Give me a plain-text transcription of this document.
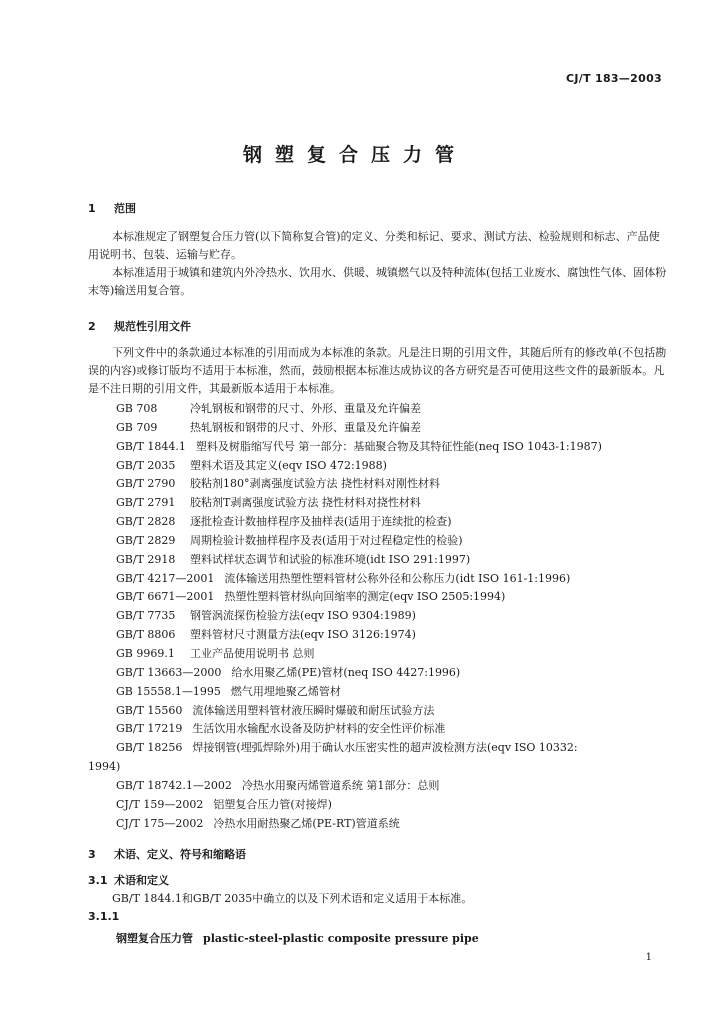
CJ/T 183—2003
钢塑复合压力管
1 范围

本标准规定了钢塑复合压力管(以下简称复合管)的定义、分类和标记、要求、测试方法、检验规则和标志、产品使用说明书、包装、运输与贮存。

本标准适用于城镇和建筑内外冷热水、饮用水、供暖、城镇燃气以及特种流体(包括工业废水、腐蚀性气体、固体粉末等)输送用复合管。

2 规范性引用文件

下列文件中的条款通过本标准的引用而成为本标准的条款。凡是注日期的引用文件，其随后所有的修改单(不包括勘误的内容)或修订版均不适用于本标准，然而，鼓励根据本标准达成协议的各方研究是否可使用这些文件的最新版本。凡是不注日期的引用文件，其最新版本适用于本标准。

GB 708	冷轧钢板和钢带的尺寸、外形、重量及允许偏差
GB 709	热轧钢板和钢带的尺寸、外形、重量及允许偏差
GB/T 1844.1 塑料及树脂缩写代号 第一部分：基础聚合物及其特征性能(neq ISO 1043-1:1987)
GB/T 2035 塑料术语及其定义(eqv ISO 472:1988)
GB/T 2790 胶粘剂180°剥离强度试验方法 挠性材料对刚性材料
GB/T 2791 胶粘剂T剥离强度试验方法 挠性材料对挠性材料
GB/T 2828 逐批检查计数抽样程序及抽样表(适用于连续批的检查)
GB/T 2829 周期检验计数抽样程序及表(适用于对过程稳定性的检验)
GB/T 2918 塑料试样状态调节和试验的标准环境(idt ISO 291:1997)
GB/T 4217—2001 流体输送用热塑性塑料管材公称外径和公称压力(idt ISO 161-1:1996)
GB/T 6671—2001 热塑性塑料管材纵向回缩率的测定(eqv ISO 2505:1994)
GB/T 7735 钢管涡流探伤检验方法(eqv ISO 9304:1989)
GB/T 8806 塑料管材尺寸测量方法(eqv ISO 3126:1974)
GB 9969.1 工业产品使用说明书 总则
GB/T 13663—2000 给水用聚乙烯(PE)管材(neq ISO 4427:1996)
GB 15558.1—1995 燃气用埋地聚乙烯管材
GB/T 15560 流体输送用塑料管材液压瞬时爆破和耐压试验方法
GB/T 17219 生活饮用水输配水设备及防护材料的安全性评价标准
GB/T 18256 焊接钢管(埋弧焊除外)用于确认水压密实性的超声波检测方法(eqv ISO 10332:
1994)
GB/T 18742.1—2002 冷热水用聚丙烯管道系统 第1部分：总则
CJ/T 159—2002 铝塑复合压力管(对接焊)
CJ/T 175—2002 冷热水用耐热聚乙烯(PE-RT)管道系统
3 术语、定义、符号和缩略语
3.1 术语和定义

GB/T 1844.1和GB/T 2035中确立的以及下列术语和定义适用于本标准。

3.1.1
钢塑复合压力管 plastic-steel-plastic composite pressure pipe
1
